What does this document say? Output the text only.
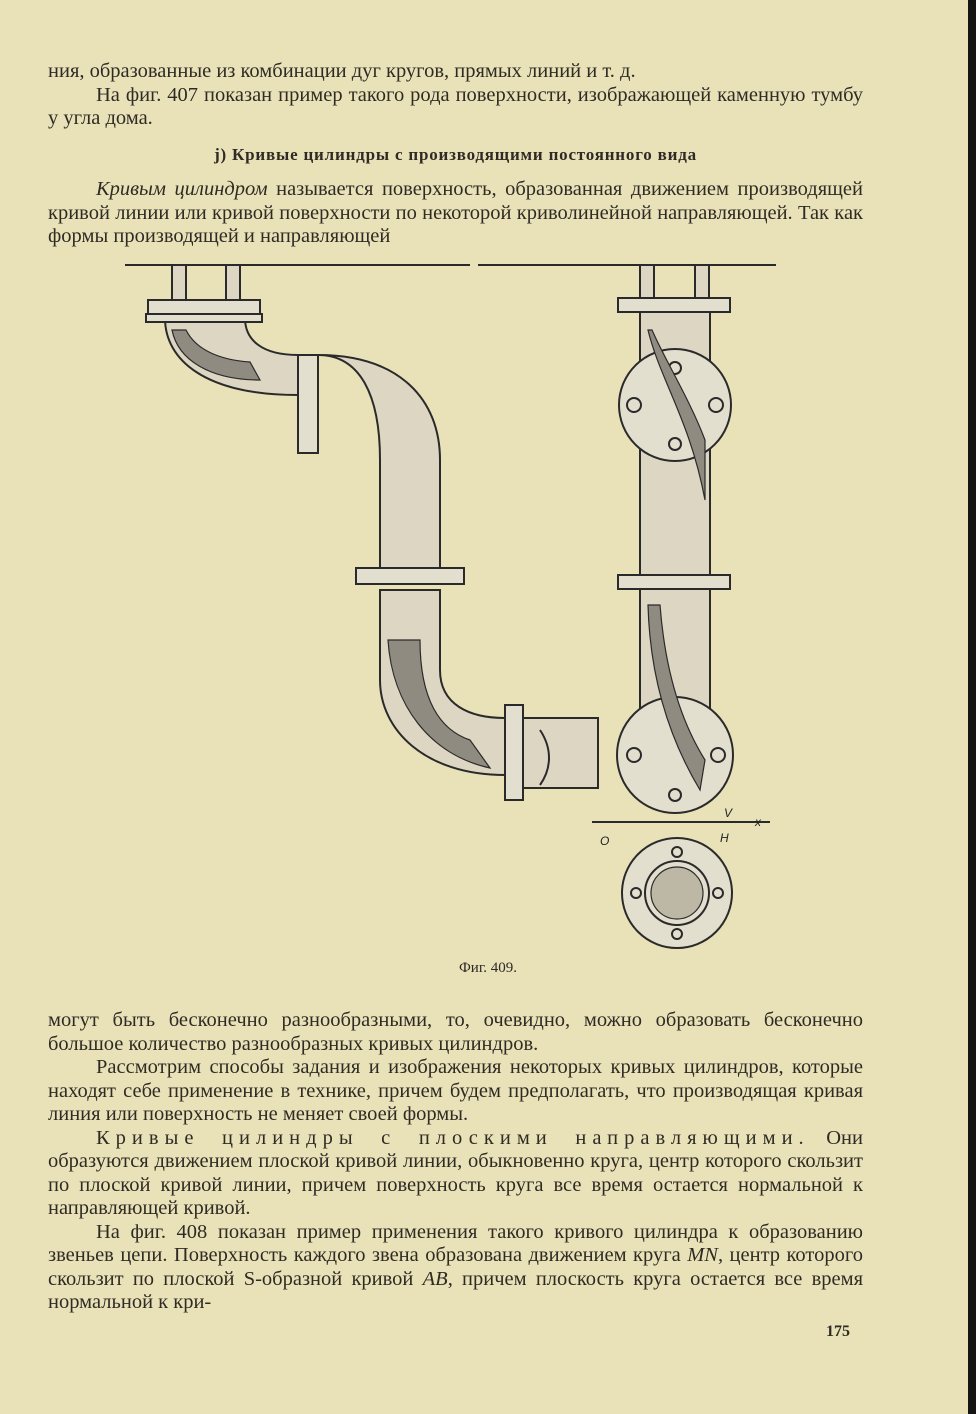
ния, образованные из комбинации дуг кругов, прямых линий и т. д.

На фиг. 407 показан пример такого рода поверхности, изображающей каменную тумбу у угла дома.

j) Кривые цилиндры с производящими постоянного вида

Кривым цилиндром называется поверхность, образованная движением производящей кривой линии или кривой поверхности по некоторой криволинейной направляющей. Так как формы производящей и направляющей

V
x
O	H
Фиг. 409.

могут быть бесконечно разнообразными, то, очевидно, можно образовать бесконечно большое количество разнообразных кривых цилиндров.

Рассмотрим способы задания и изображения некоторых кривых цилиндров, которые находят себе применение в технике, причем будем предполагать, что производящая кривая линия или поверхность не меняет своей формы.

Кривые цилиндры с плоскими направляющими. Они образуются движением плоской кривой линии, обыкновенно круга, центр которого скользит по плоской кривой линии, причем поверхность круга все время остается нормальной к направляющей кривой.

На фиг. 408 показан пример применения такого кривого цилиндра к образованию звеньев цепи. Поверхность каждого звена образована движением круга MN, центр которого скользит по плоской S-образной кривой AB, причем плоскость круга остается все время нормальной к кри-

175
